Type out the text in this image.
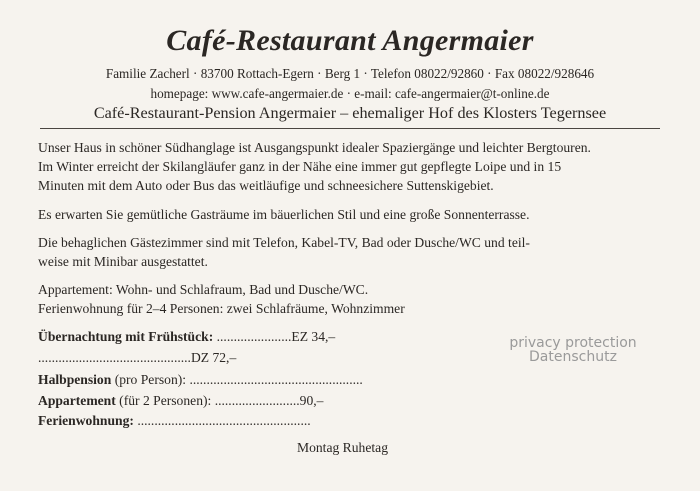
Café-Restaurant Angermaier
Familie Zacherl · 83700 Rottach-Egern · Berg 1 · Telefon 08022/92860 · Fax 08022/928646
homepage: www.cafe-angermaier.de · e-mail: cafe-angermaier@t-online.de
Café-Restaurant-Pension Angermaier – ehemaliger Hof des Klosters Tegernsee
Unser Haus in schöner Südhanglage ist Ausgangspunkt idealer Spaziergänge und leichter Bergtouren.
Im Winter erreicht der Skilangläufer ganz in der Nähe eine immer gut gepflegte Loipe und in 15
Minuten mit dem Auto oder Bus das weitläufige und schneesichere Suttenskigebiet.
Es erwarten Sie gemütliche Gasträume im bäuerlichen Stil und eine große Sonnenterrasse.
Die behaglichen Gästezimmer sind mit Telefon, Kabel-TV, Bad oder Dusche/WC und teil-
weise mit Minibar ausgestattet.
Appartement: Wohn- und Schlafraum, Bad und Dusche/WC.
Ferienwohnung für 2–4 Personen: zwei Schlafräume, Wohnzimmer
Übernachtung mit Frühstück: ......................EZ 34,–
.............................................DZ 72,–
Halbpension (pro Person): ...................................................
Appartement (für 2 Personen): .........................90,–
Ferienwohnung: ...................................................
Montag Ruhetag
privacy protection
Datenschutz
